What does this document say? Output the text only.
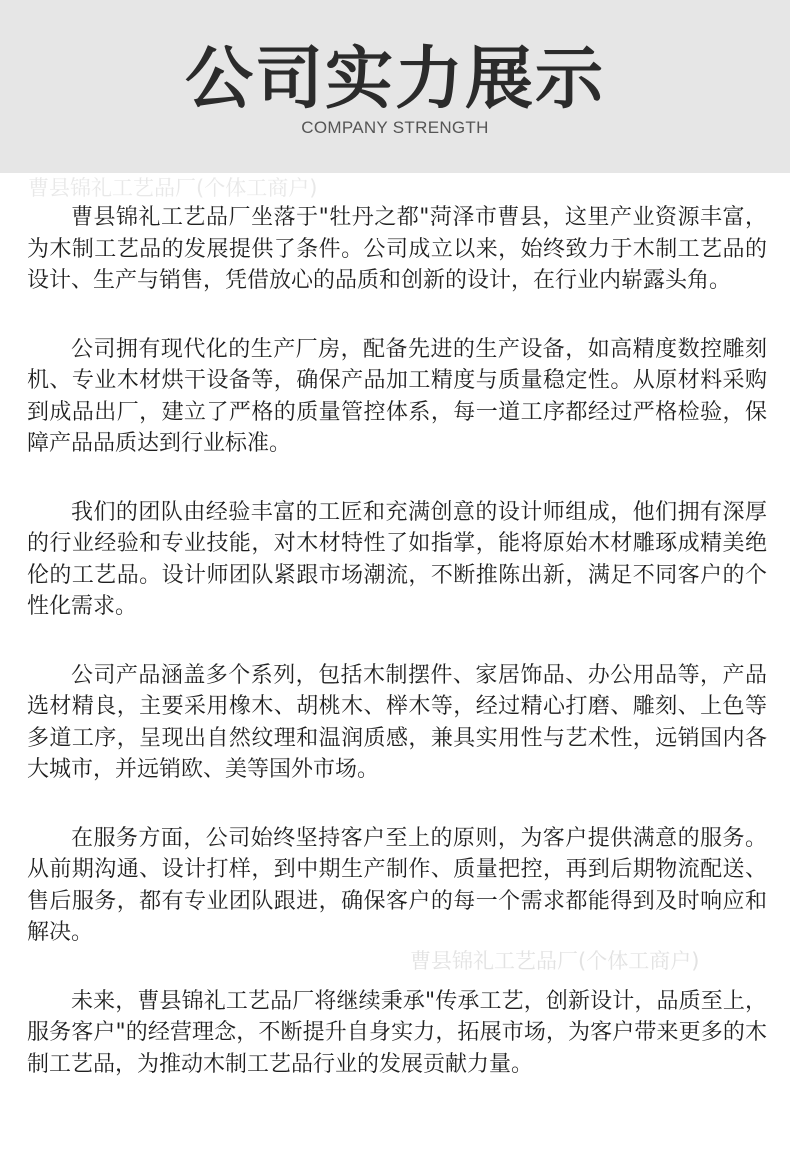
公司实力展示
COMPANY STRENGTH
曹县锦礼工艺品厂(个体工商户)

曹县锦礼工艺品厂坐落于"牡丹之都"菏泽市曹县，这里产业资源丰富，为木制工艺品的发展提供了条件。公司成立以来，始终致力于木制工艺品的设计、生产与销售，凭借放心的品质和创新的设计，在行业内崭露头角。

公司拥有现代化的生产厂房，配备先进的生产设备，如高精度数控雕刻机、专业木材烘干设备等，确保产品加工精度与质量稳定性。从原材料采购到成品出厂，建立了严格的质量管控体系，每一道工序都经过严格检验，保障产品品质达到行业标准。

我们的团队由经验丰富的工匠和充满创意的设计师组成，他们拥有深厚的行业经验和专业技能，对木材特性了如指掌，能将原始木材雕琢成精美绝伦的工艺品。设计师团队紧跟市场潮流，不断推陈出新，满足不同客户的个性化需求。

公司产品涵盖多个系列，包括木制摆件、家居饰品、办公用品等，产品选材精良，主要采用橡木、胡桃木、榉木等，经过精心打磨、雕刻、上色等多道工序，呈现出自然纹理和温润质感，兼具实用性与艺术性，远销国内各大城市，并远销欧、美等国外市场。

在服务方面，公司始终坚持客户至上的原则，为客户提供满意的服务。从前期沟通、设计打样，到中期生产制作、质量把控，再到后期物流配送、售后服务，都有专业团队跟进，确保客户的每一个需求都能得到及时响应和解决。

未来，曹县锦礼工艺品厂将继续秉承"传承工艺，创新设计，品质至上，服务客户"的经营理念，不断提升自身实力，拓展市场，为客户带来更多的木制工艺品，为推动木制工艺品行业的发展贡献力量。

曹县锦礼工艺品厂(个体工商户)
